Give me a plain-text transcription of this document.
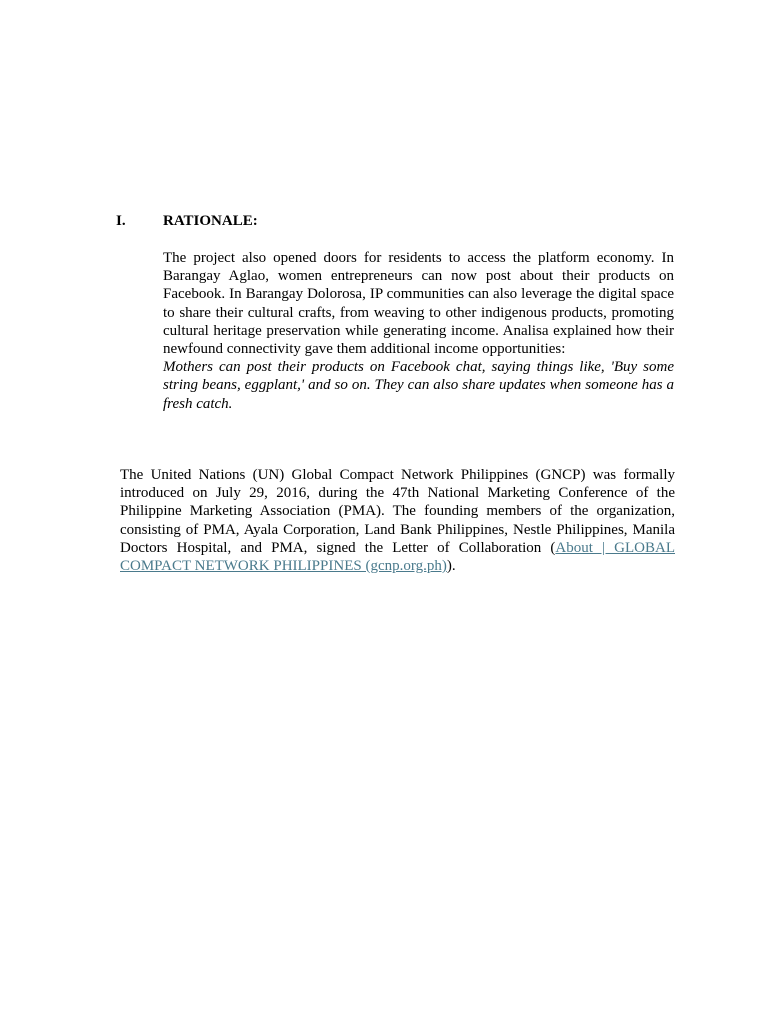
I. RATIONALE:

The project also opened doors for residents to access the platform economy. In Barangay Aglao, women entrepreneurs can now post about their products on Facebook. In Barangay Dolorosa, IP communities can also leverage the digital space to share their cultural crafts, from weaving to other indigenous products, promoting cultural heritage preservation while generating income. Analisa explained how their newfound connectivity gave them additional income opportunities:

Mothers can post their products on Facebook chat, saying things like, 'Buy some string beans, eggplant,' and so on. They can also share updates when someone has a fresh catch.

The United Nations (UN) Global Compact Network Philippines (GNCP) was formally introduced on July 29, 2016, during the 47th National Marketing Conference of the Philippine Marketing Association (PMA). The founding members of the organization, consisting of PMA, Ayala Corporation, Land Bank Philippines, Nestle Philippines, Manila Doctors Hospital, and PMA, signed the Letter of Collaboration (About | GLOBAL COMPACT NETWORK PHILIPPINES (gcnp.org.ph)).
